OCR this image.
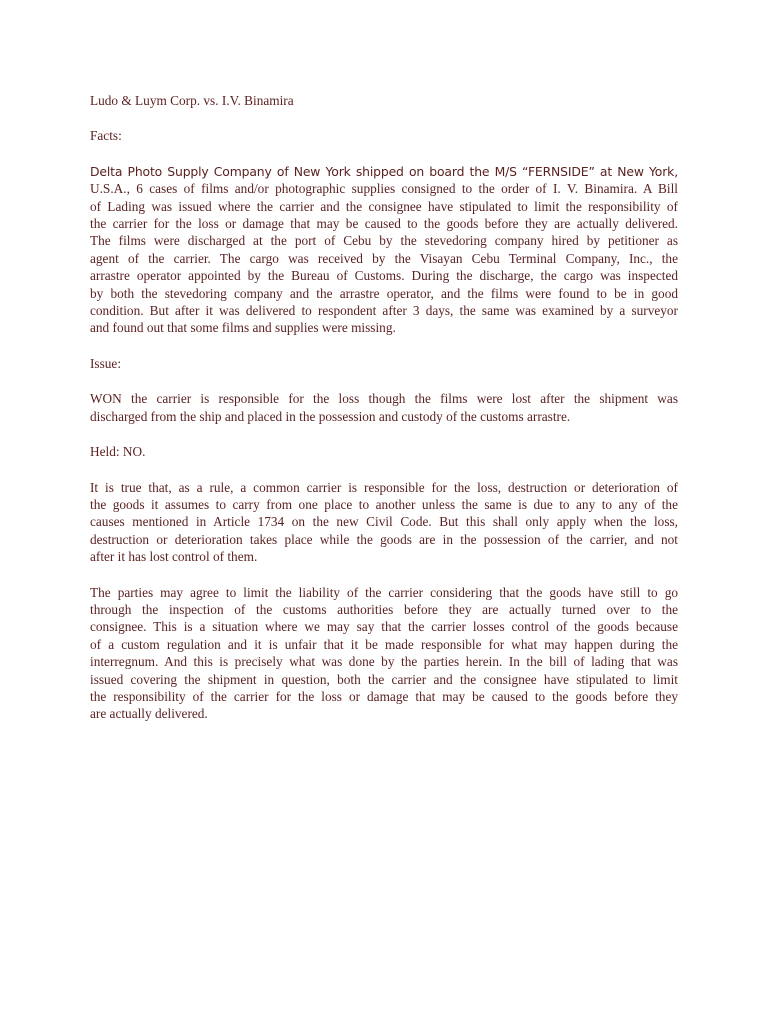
Ludo & Luym Corp. vs. I.V. Binamira

Facts:

Delta Photo Supply Company of New York shipped on board the M/S “FERNSIDE” at New York,
U.S.A., 6 cases of films and/or photographic supplies consigned to the order of I. V. Binamira. A Bill
of Lading was issued where the carrier and the consignee have stipulated to limit the responsibility of
the carrier for the loss or damage that may be caused to the goods before they are actually delivered.
The films were discharged at the port of Cebu by the stevedoring company hired by petitioner as
agent of the carrier. The cargo was received by the Visayan Cebu Terminal Company, Inc., the
arrastre operator appointed by the Bureau of Customs. During the discharge, the cargo was inspected
by both the stevedoring company and the arrastre operator, and the films were found to be in good
condition. But after it was delivered to respondent after 3 days, the same was examined by a surveyor
and found out that some films and supplies were missing.

Issue:

WON the carrier is responsible for the loss though the films were lost after the shipment was
discharged from the ship and placed in the possession and custody of the customs arrastre.

Held: NO.

It is true that, as a rule, a common carrier is responsible for the loss, destruction or deterioration of
the goods it assumes to carry from one place to another unless the same is due to any to any of the
causes mentioned in Article 1734 on the new Civil Code. But this shall only apply when the loss,
destruction or deterioration takes place while the goods are in the possession of the carrier, and not
after it has lost control of them.
The parties may agree to limit the liability of the carrier considering that the goods have still to go
through the inspection of the customs authorities before they are actually turned over to the
consignee. This is a situation where we may say that the carrier losses control of the goods because
of a custom regulation and it is unfair that it be made responsible for what may happen during the
interregnum. And this is precisely what was done by the parties herein. In the bill of lading that was
issued covering the shipment in question, both the carrier and the consignee have stipulated to limit
the responsibility of the carrier for the loss or damage that may be caused to the goods before they
are actually delivered.
